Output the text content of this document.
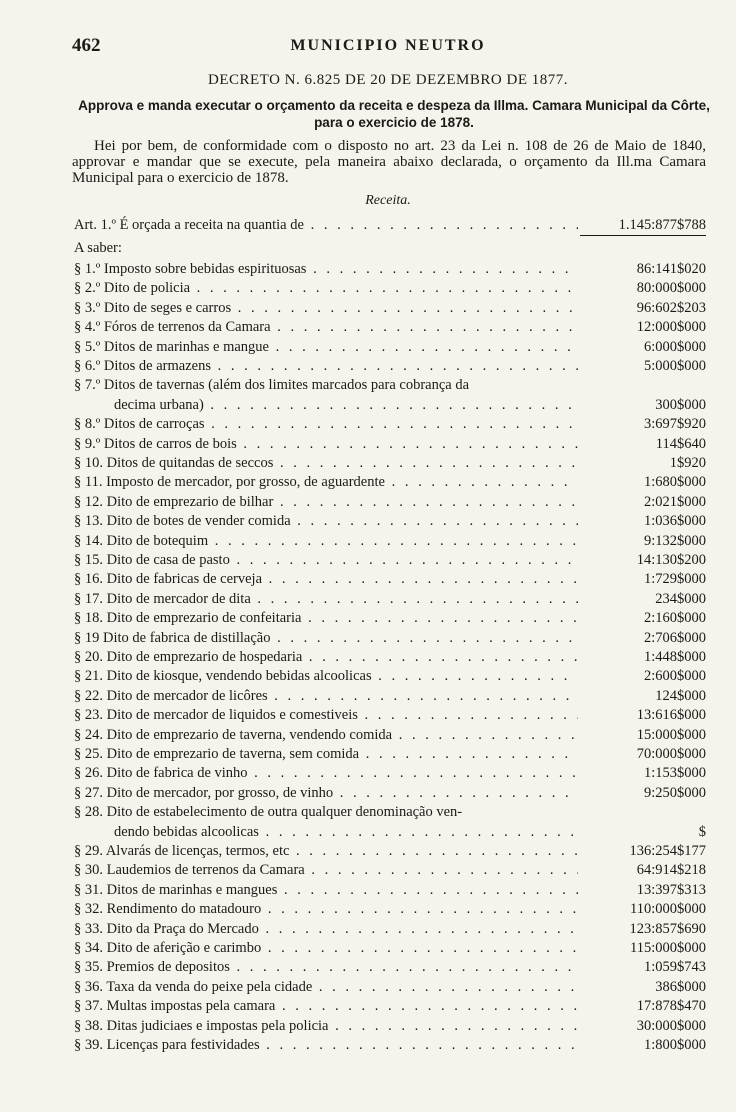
462	MUNICIPIO NEUTRO
DECRETO N. 6.825 DE 20 DE DEZEMBRO DE 1877.
Approva e manda executar o orçamento da receita e despeza da Illma. Camara Municipal da Côrte, para o exercicio de 1878.
Hei por bem, de conformidade com o disposto no art. 23 da Lei n. 108 de 26 de Maio de 1840, approvar e mandar que se execute, pela maneira abaixo declarada, o orçamento da Ill.ma Camara Municipal para o exercicio de 1878.
Receita.
Art. 1.º É orçada a receita na quantia de . . .	1.145:877$788
A saber:
§ 1.º Imposto sobre bebidas espirituosas . . .	86:141$020
§ 2.º Dito de policia . . .	80:000$000
§ 3.º Dito de seges e carros . . .	96:602$203
§ 4.º Fóros de terrenos da Camara . . .	12:000$000
§ 5.º Ditos de marinhas e mangue . . .	6:000$000
§ 6.º Ditos de armazens . . .	5:000$000
§ 7.º Ditos de tavernas (além dos limites marcados para cobrança da
decima urbana) . . .	300$000
§ 8.º Ditos de carroças . . .	3:697$920
§ 9.º Ditos de carros de bois . . .	114$640
§ 10. Ditos de quitandas de seccos . . .	1$920
§ 11. Imposto de mercador, por grosso, de aguardente . . .	1:680$000
§ 12. Dito de emprezario de bilhar . . .	2:021$000
§ 13. Dito de botes de vender comida . . .	1:036$000
§ 14. Dito de botequim . . .	9:132$000
§ 15. Dito de casa de pasto . . .	14:130$200
§ 16. Dito de fabricas de cerveja . . .	1:729$000
§ 17. Dito de mercador de dita . . .	234$000
§ 18. Dito de emprezario de confeitaria . . .	2:160$000
§ 19 Dito de fabrica de distillação . . .	2:706$000
§ 20. Dito de emprezario de hospedaria . . .	1:448$000
§ 21. Dito de kiosque, vendendo bebidas alcoolicas . . .	2:600$000
§ 22. Dito de mercador de licôres . . .	124$000
§ 23. Dito de mercador de liquidos e comestiveis . . .	13:616$000
§ 24. Dito de emprezario de taverna, vendendo comida . . .	15:000$000
§ 25. Dito de emprezario de taverna, sem comida . . .	70:000$000
§ 26. Dito de fabrica de vinho . . .	1:153$000
§ 27. Dito de mercador, por grosso, de vinho . . .	9:250$000
§ 28. Dito de estabelecimento de outra qualquer denominação ven-
dendo bebidas alcoolicas . . .	$
§ 29. Alvarás de licenças, termos, etc . . .	136:254$177
§ 30. Laudemios de terrenos da Camara . . .	64:914$218
§ 31. Ditos de marinhas e mangues . . .	13:397$313
§ 32. Rendimento do matadouro . . .	110:000$000
§ 33. Dito da Praça do Mercado . . .	123:857$690
§ 34. Dito de aferição e carimbo . . .	115:000$000
§ 35. Premios de depositos . . .	1:059$743
§ 36. Taxa da venda do peixe pela cidade . . .	386$000
§ 37. Multas impostas pela camara . . .	17:878$470
§ 38. Ditas judiciaes e impostas pela policia . . .	30:000$000
§ 39. Licenças para festividades . . .	1:800$000
